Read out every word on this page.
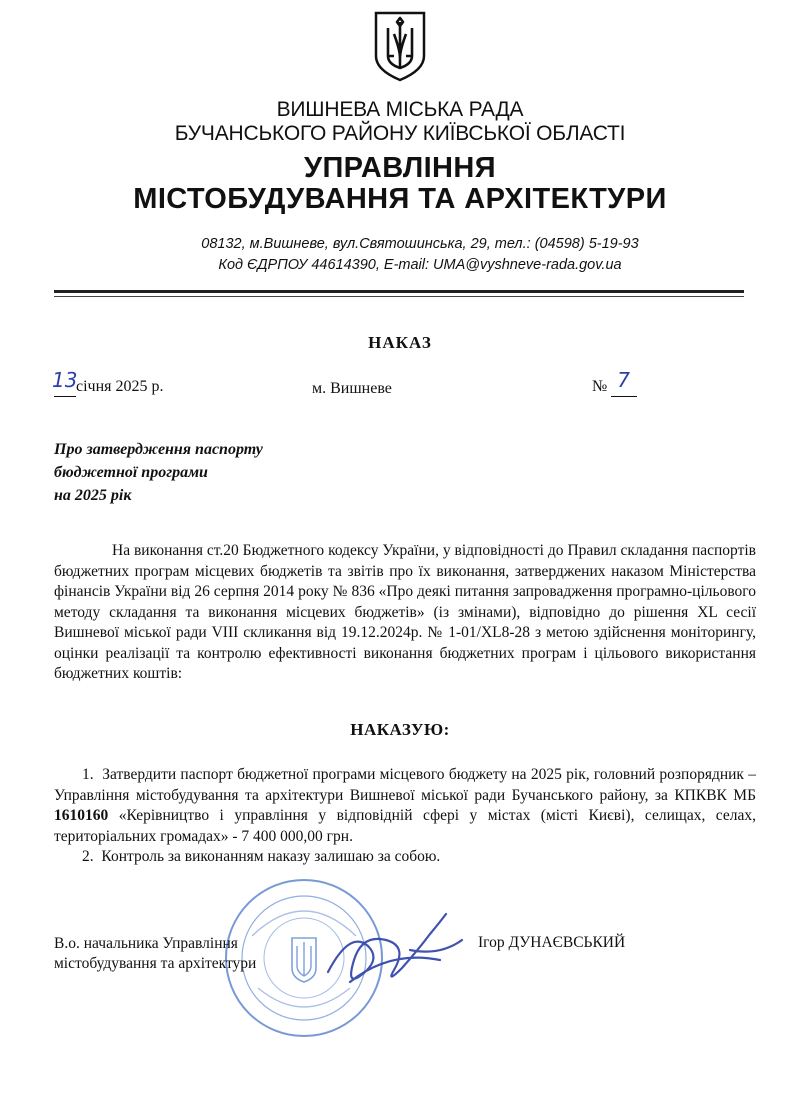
ВИШНЕВА МІСЬКА РАДА
БУЧАНСЬКОГО РАЙОНУ КИЇВСЬКОЇ ОБЛАСТІ
УПРАВЛІННЯ
МІСТОБУДУВАННЯ ТА АРХІТЕКТУРИ
08132, м.Вишневе, вул.Святошинська, 29, тел.: (04598) 5-19-93
Код ЄДРПОУ 44614390, E-mail: UMA@vyshneve-rada.gov.ua
НАКАЗ
13
січня 2025 р.	м. Вишневе	№ 7
Про затвердження паспорту
бюджетної програми
на 2025 рік

На виконання ст.20 Бюджетного кодексу України, у відповідності до Правил складання паспортів бюджетних програм місцевих бюджетів та звітів про їх виконання, затверджених наказом Міністерства фінансів України від 26 серпня 2014 року № 836 «Про деякі питання запровадження програмно-цільового методу складання та виконання місцевих бюджетів» (із змінами), відповідно до рішення XL сесії Вишневої міської ради VIII скликання від 19.12.2024р. № 1-01/XL8-28 з метою здійснення моніторингу, оцінки реалізації та контролю ефективності виконання бюджетних програм і цільового використання бюджетних коштів:

НАКАЗУЮ:
1. Затвердити паспорт бюджетної програми місцевого бюджету на 2025 рік, головний розпорядник – Управління містобудування та архітектури Вишневої міської ради Бучанського району, за КПКВК МБ 1610160 «Керівництво і управління у відповідній сфері у містах (місті Києві), селищах, селах, територіальних громадах» - 7 400 000,00 грн.
2. Контроль за виконанням наказу залишаю за собою.
В.о. начальника Управління
містобудування та архітектури
Ігор ДУНАЄВСЬКИЙ
